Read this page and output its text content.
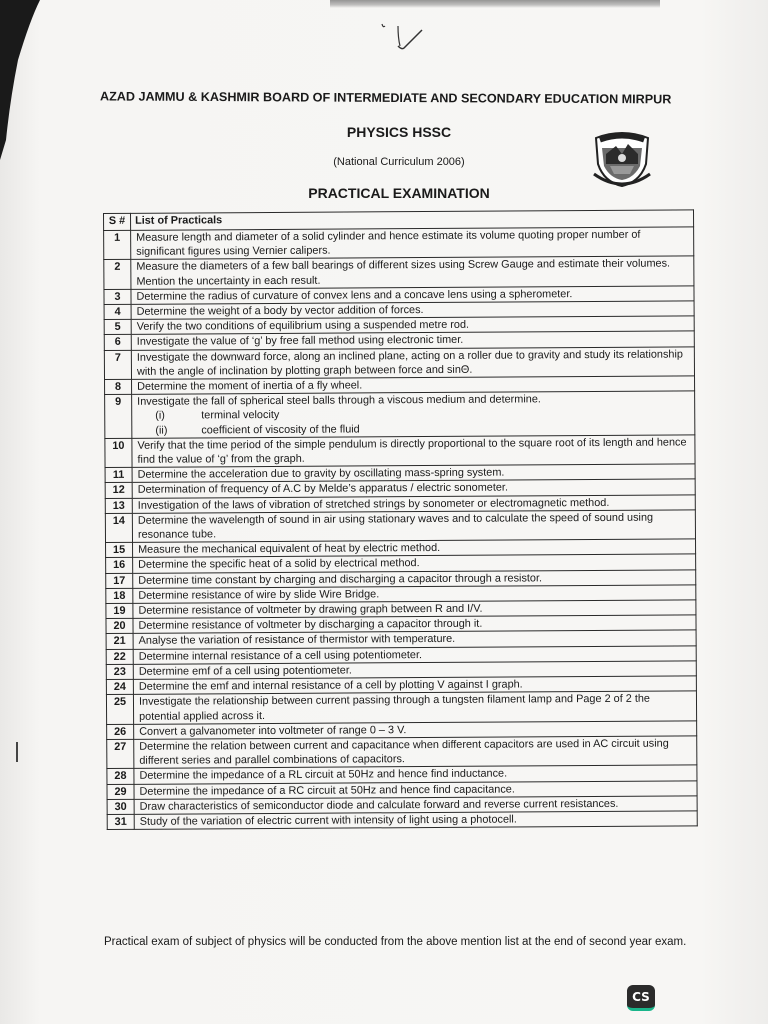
AZAD JAMMU & KASHMIR BOARD OF INTERMEDIATE AND SECONDARY EDUCATION MIRPUR
PHYSICS HSSC
(National Curriculum 2006)
PRACTICAL EXAMINATION
S #	List of Practicals
1	Measure length and diameter of a solid cylinder and hence estimate its volume quoting proper number of significant figures using Vernier calipers.

2	Measure the diameters of a few ball bearings of different sizes using Screw Gauge and estimate their volumes. Mention the uncertainty in each result.

3	Determine the radius of curvature of convex lens and a concave lens using a spherometer.

4	Determine the weight of a body by vector addition of forces.

5	Verify the two conditions of equilibrium using a suspended metre rod.

6	Investigate the value of ‘g’ by free fall method using electronic timer.

7	Investigate the downward force, along an inclined plane, acting on a roller due to gravity and study its relationship with the angle of inclination by plotting graph between force and sinΘ.

8	Determine the moment of inertia of a fly wheel.

9	Investigate the fall of spherical steel balls through a viscous medium and determine.
(i) terminal velocity
(ii) coefficient of viscosity of the fluid

10	Verify that the time period of the simple pendulum is directly proportional to the square root of its length and hence find the value of ‘g’ from the graph.

11	Determine the acceleration due to gravity by oscillating mass-spring system.

12	Determination of frequency of A.C by Melde’s apparatus / electric sonometer.

13	Investigation of the laws of vibration of stretched strings by sonometer or electromagnetic method.

14	Determine the wavelength of sound in air using stationary waves and to calculate the speed of sound using resonance tube.

15	Measure the mechanical equivalent of heat by electric method.

16	Determine the specific heat of a solid by electrical method.

17	Determine time constant by charging and discharging a capacitor through a resistor.

18	Determine resistance of wire by slide Wire Bridge.

19	Determine resistance of voltmeter by drawing graph between R and I/V.

20	Determine resistance of voltmeter by discharging a capacitor through it.

21	Analyse the variation of resistance of thermistor with temperature.

22	Determine internal resistance of a cell using potentiometer.

23	Determine emf of a cell using potentiometer.

24	Determine the emf and internal resistance of a cell by plotting V against I graph.

25	Investigate the relationship between current passing through a tungsten filament lamp and Page 2 of 2 the potential applied across it.

26	Convert a galvanometer into voltmeter of range 0 – 3 V.

27	Determine the relation between current and capacitance when different capacitors are used in AC circuit using different series and parallel combinations of capacitors.

28	Determine the impedance of a RL circuit at 50Hz and hence find inductance.

29	Determine the impedance of a RC circuit at 50Hz and hence find capacitance.

30	Draw characteristics of semiconductor diode and calculate forward and reverse current resistances.

31	Study of the variation of electric current with intensity of light using a photocell.
Practical exam of subject of physics will be conducted from the above mention list at the end of second year exam.
CS
